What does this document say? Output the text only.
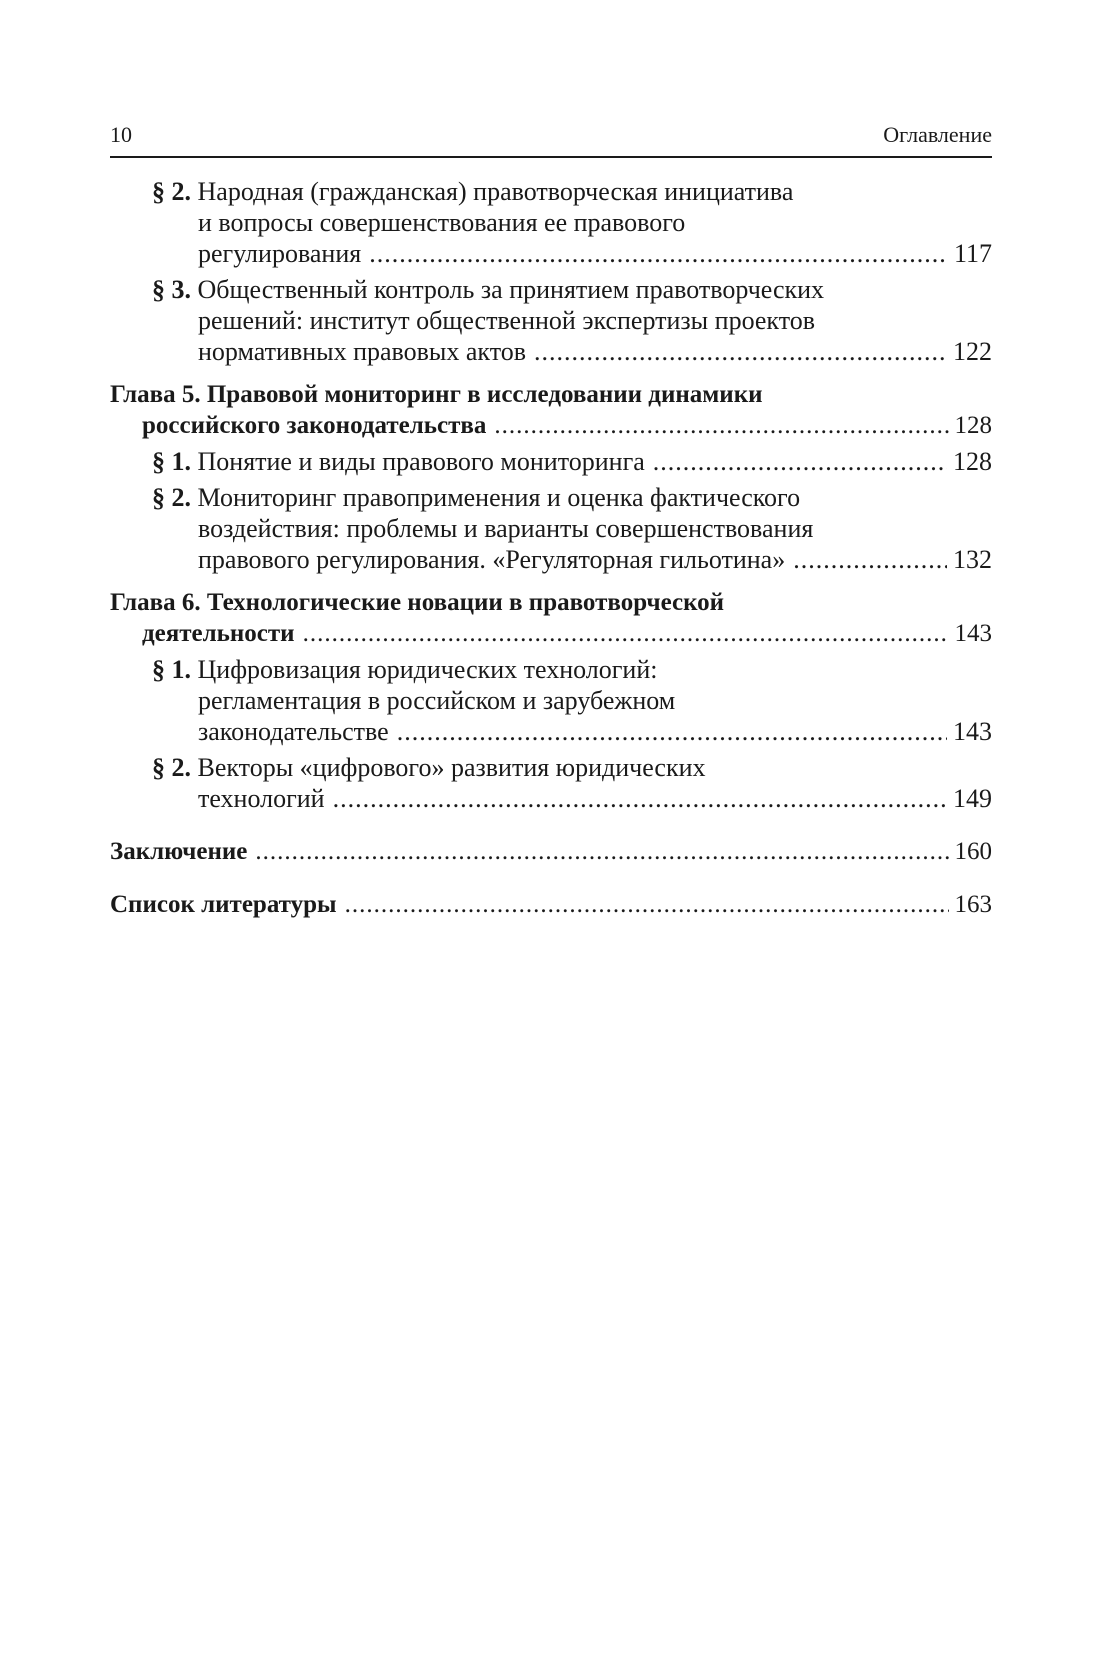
10	Оглавление
§ 2. Народная (гражданская) правотворческая инициатива
и вопросы совершенствования ее правового
регулирования .....	117
§ 3. Общественный контроль за принятием правотворческих
решений: институт общественной экспертизы проектов
нормативных правовых актов .....	122
Глава 5. Правовой мониторинг в исследовании динамики
российского законодательства .....	128
§ 1. Понятие и виды правового мониторинга .....	128
§ 2. Мониторинг правоприменения и оценка фактического
воздействия: проблемы и варианты совершенствования
правового регулирования. «Регуляторная гильотина» .....	132
Глава 6. Технологические новации в правотворческой
деятельности .....	143
§ 1. Цифровизация юридических технологий:
регламентация в российском и зарубежном
законодательстве .....	143
§ 2. Векторы «цифрового» развития юридических
технологий .....	149
Заключение .....	160
Список литературы .....	163
